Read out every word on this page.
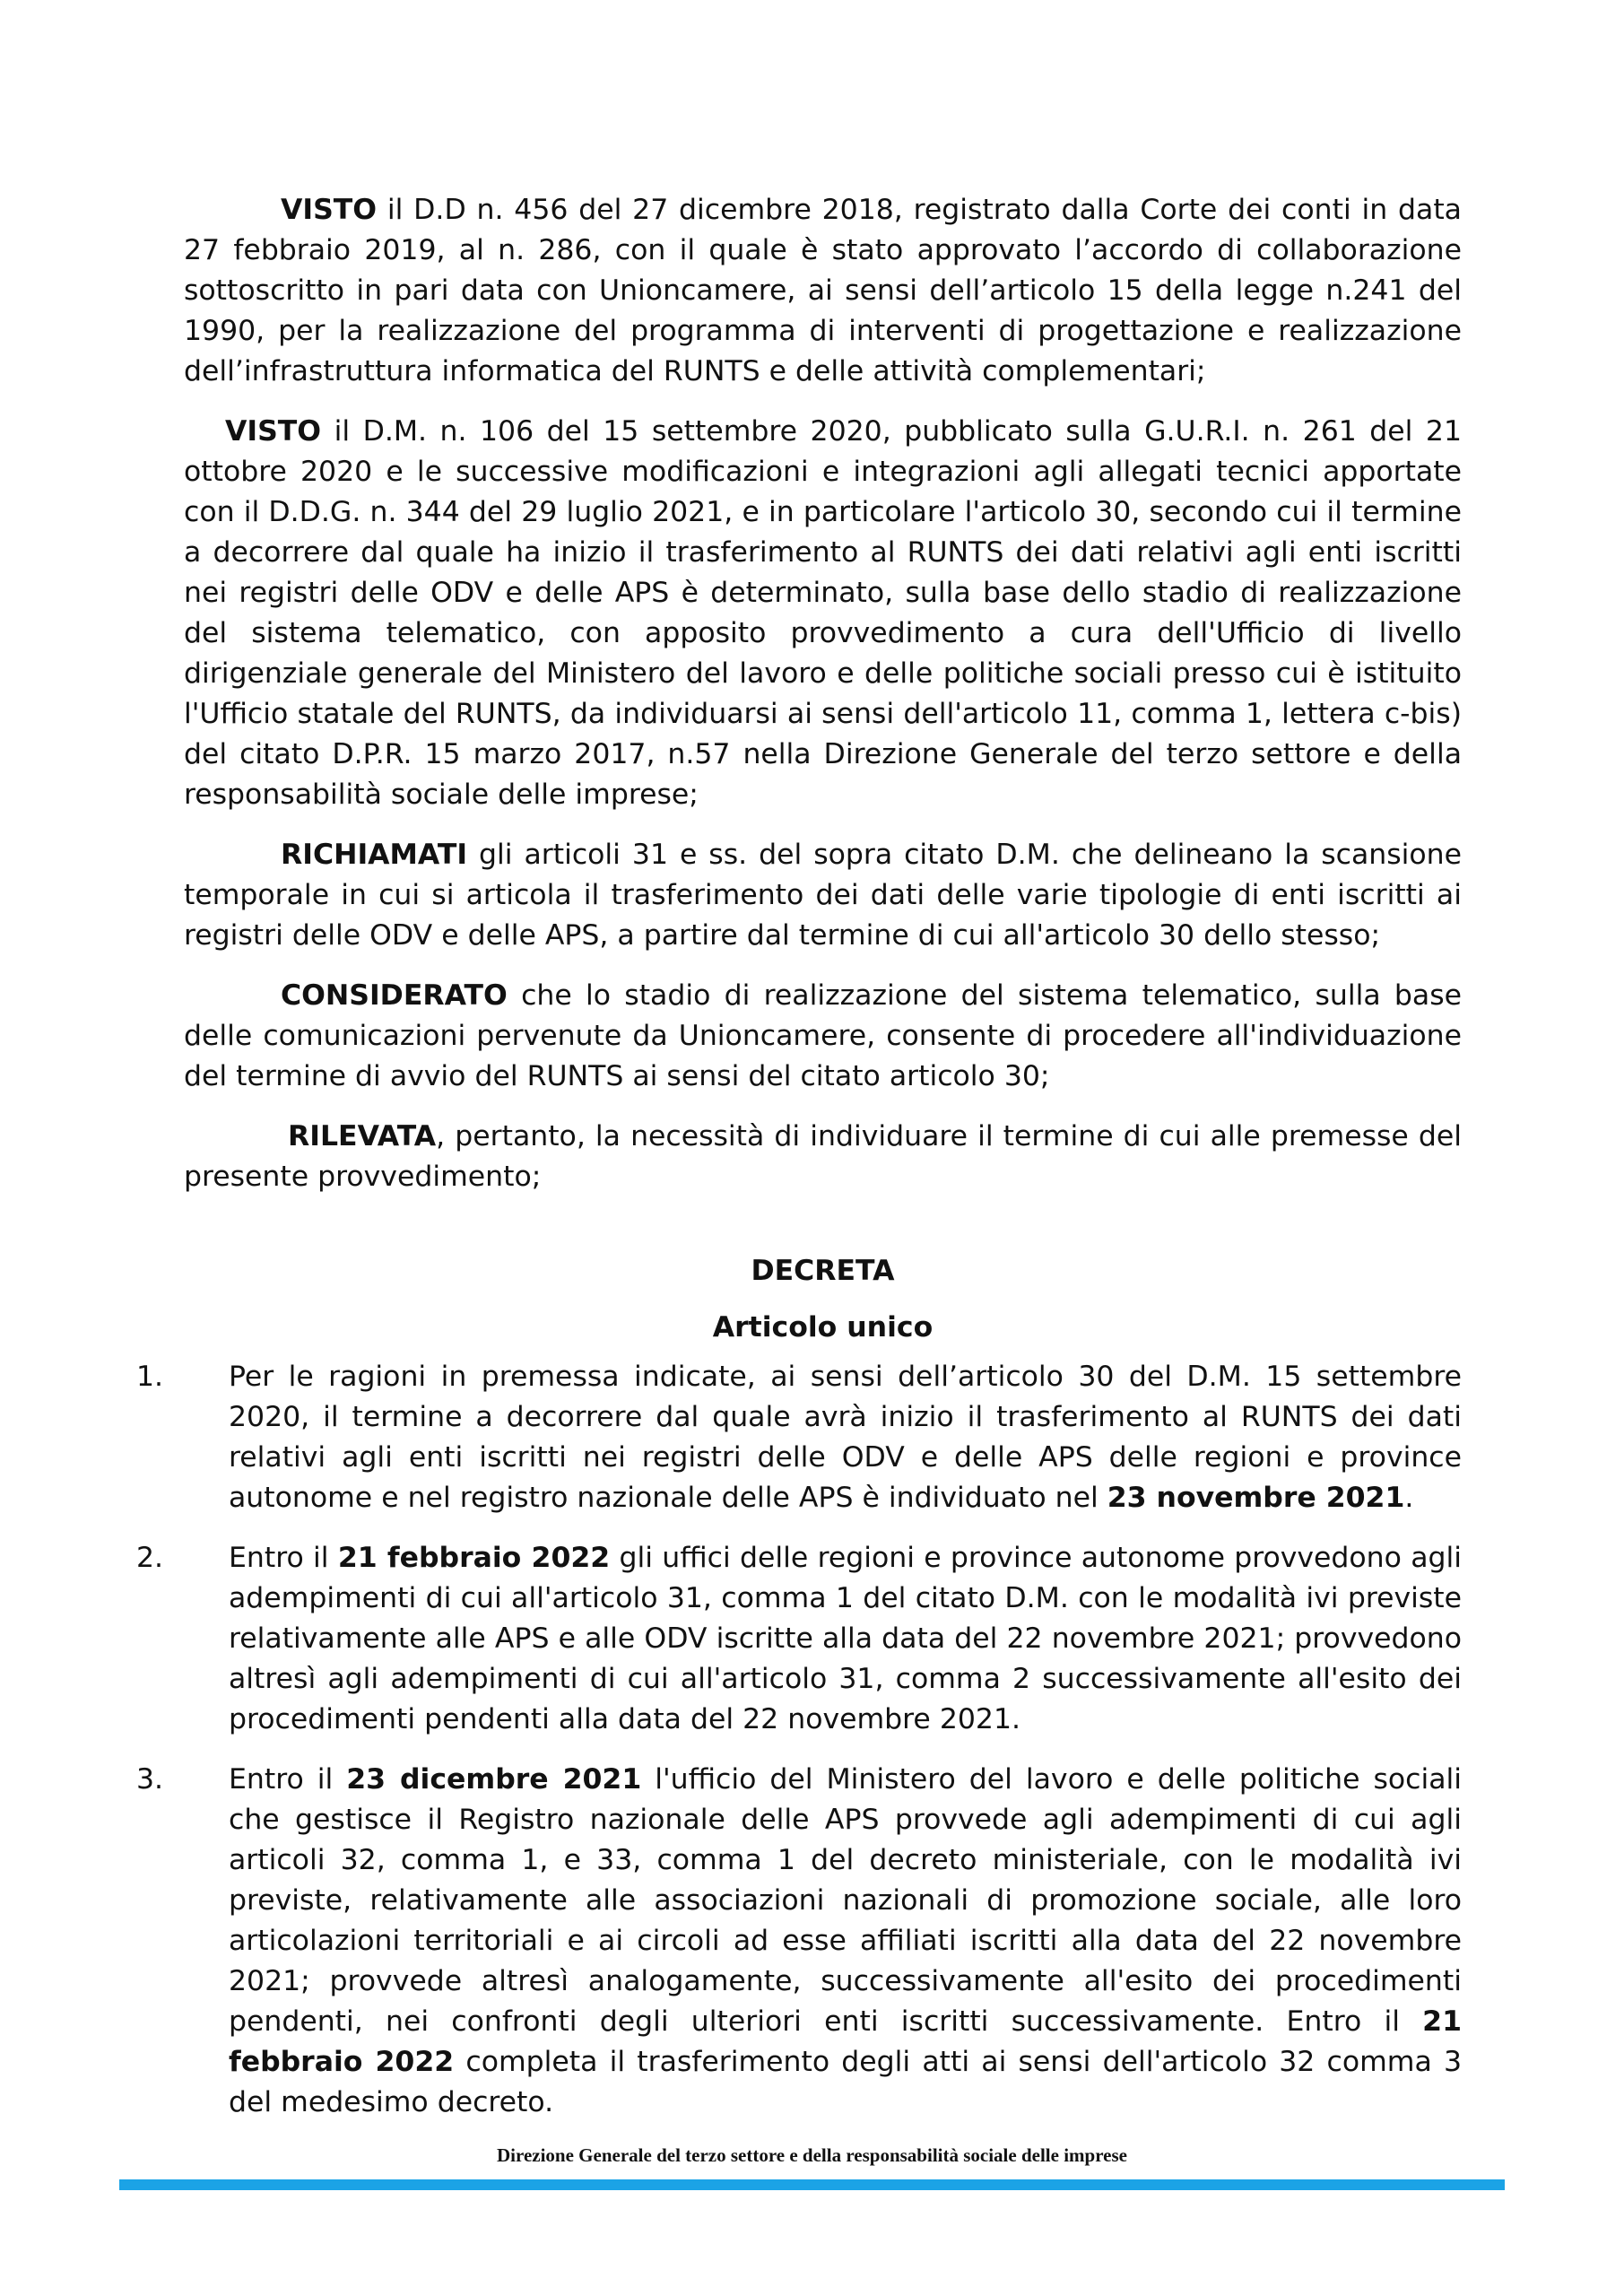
VISTO il D.D n. 456 del 27 dicembre 2018, registrato dalla Corte dei conti in data 27 febbraio 2019, al n. 286, con il quale è stato approvato l’accordo di collaborazione sottoscritto in pari data con Unioncamere, ai sensi dell’articolo 15 della legge n.241 del 1990, per la realizzazione del programma di interventi di progettazione e realizzazione dell’infrastruttura informatica del RUNTS e delle attività complementari;

VISTO il D.M. n. 106 del 15 settembre 2020, pubblicato sulla G.U.R.I. n. 261 del 21 ottobre 2020 e le successive modificazioni e integrazioni agli allegati tecnici apportate con il D.D.G. n. 344 del 29 luglio 2021, e in particolare l'articolo 30, secondo cui il termine a decorrere dal quale ha inizio il trasferimento al RUNTS dei dati relativi agli enti iscritti nei registri delle ODV e delle APS è determinato, sulla base dello stadio di realizzazione del sistema telematico, con apposito provvedimento a cura dell'Ufficio di livello dirigenziale generale del Ministero del lavoro e delle politiche sociali presso cui è istituito l'Ufficio statale del RUNTS, da individuarsi ai sensi dell'articolo 11, comma 1, lettera c-bis) del citato D.P.R. 15 marzo 2017, n.57 nella Direzione Generale del terzo settore e della responsabilità sociale delle imprese;

RICHIAMATI gli articoli 31 e ss. del sopra citato D.M. che delineano la scansione temporale in cui si articola il trasferimento dei dati delle varie tipologie di enti iscritti ai registri delle ODV e delle APS, a partire dal termine di cui all'articolo 30 dello stesso;

CONSIDERATO che lo stadio di realizzazione del sistema telematico, sulla base delle comunicazioni pervenute da Unioncamere, consente di procedere all'individuazione del termine di avvio del RUNTS ai sensi del citato articolo 30;

RILEVATA, pertanto, la necessità di individuare il termine di cui alle premesse del presente provvedimento;

DECRETA

Articolo unico

1. Per le ragioni in premessa indicate, ai sensi dell’articolo 30 del D.M. 15 settembre 2020, il termine a decorrere dal quale avrà inizio il trasferimento al RUNTS dei dati relativi agli enti iscritti nei registri delle ODV e delle APS delle regioni e province autonome e nel registro nazionale delle APS è individuato nel 23 novembre 2021.
2. Entro il 21 febbraio 2022 gli uffici delle regioni e province autonome provvedono agli adempimenti di cui all'articolo 31, comma 1 del citato D.M. con le modalità ivi previste relativamente alle APS e alle ODV iscritte alla data del 22 novembre 2021; provvedono altresì agli adempimenti di cui all'articolo 31, comma 2 successivamente all'esito dei procedimenti pendenti alla data del 22 novembre 2021.
3. Entro il 23 dicembre 2021 l'ufficio del Ministero del lavoro e delle politiche sociali che gestisce il Registro nazionale delle APS provvede agli adempimenti di cui agli articoli 32, comma 1, e 33, comma 1 del decreto ministeriale, con le modalità ivi previste, relativamente alle associazioni nazionali di promozione sociale, alle loro articolazioni territoriali e ai circoli ad esse affiliati iscritti alla data del 22 novembre 2021; provvede altresì analogamente, successivamente all'esito dei procedimenti pendenti, nei confronti degli ulteriori enti iscritti successivamente. Entro il 21 febbraio 2022 completa il trasferimento degli atti ai sensi dell'articolo 32 comma 3 del medesimo decreto.
Direzione Generale del terzo settore e della responsabilità sociale delle imprese
